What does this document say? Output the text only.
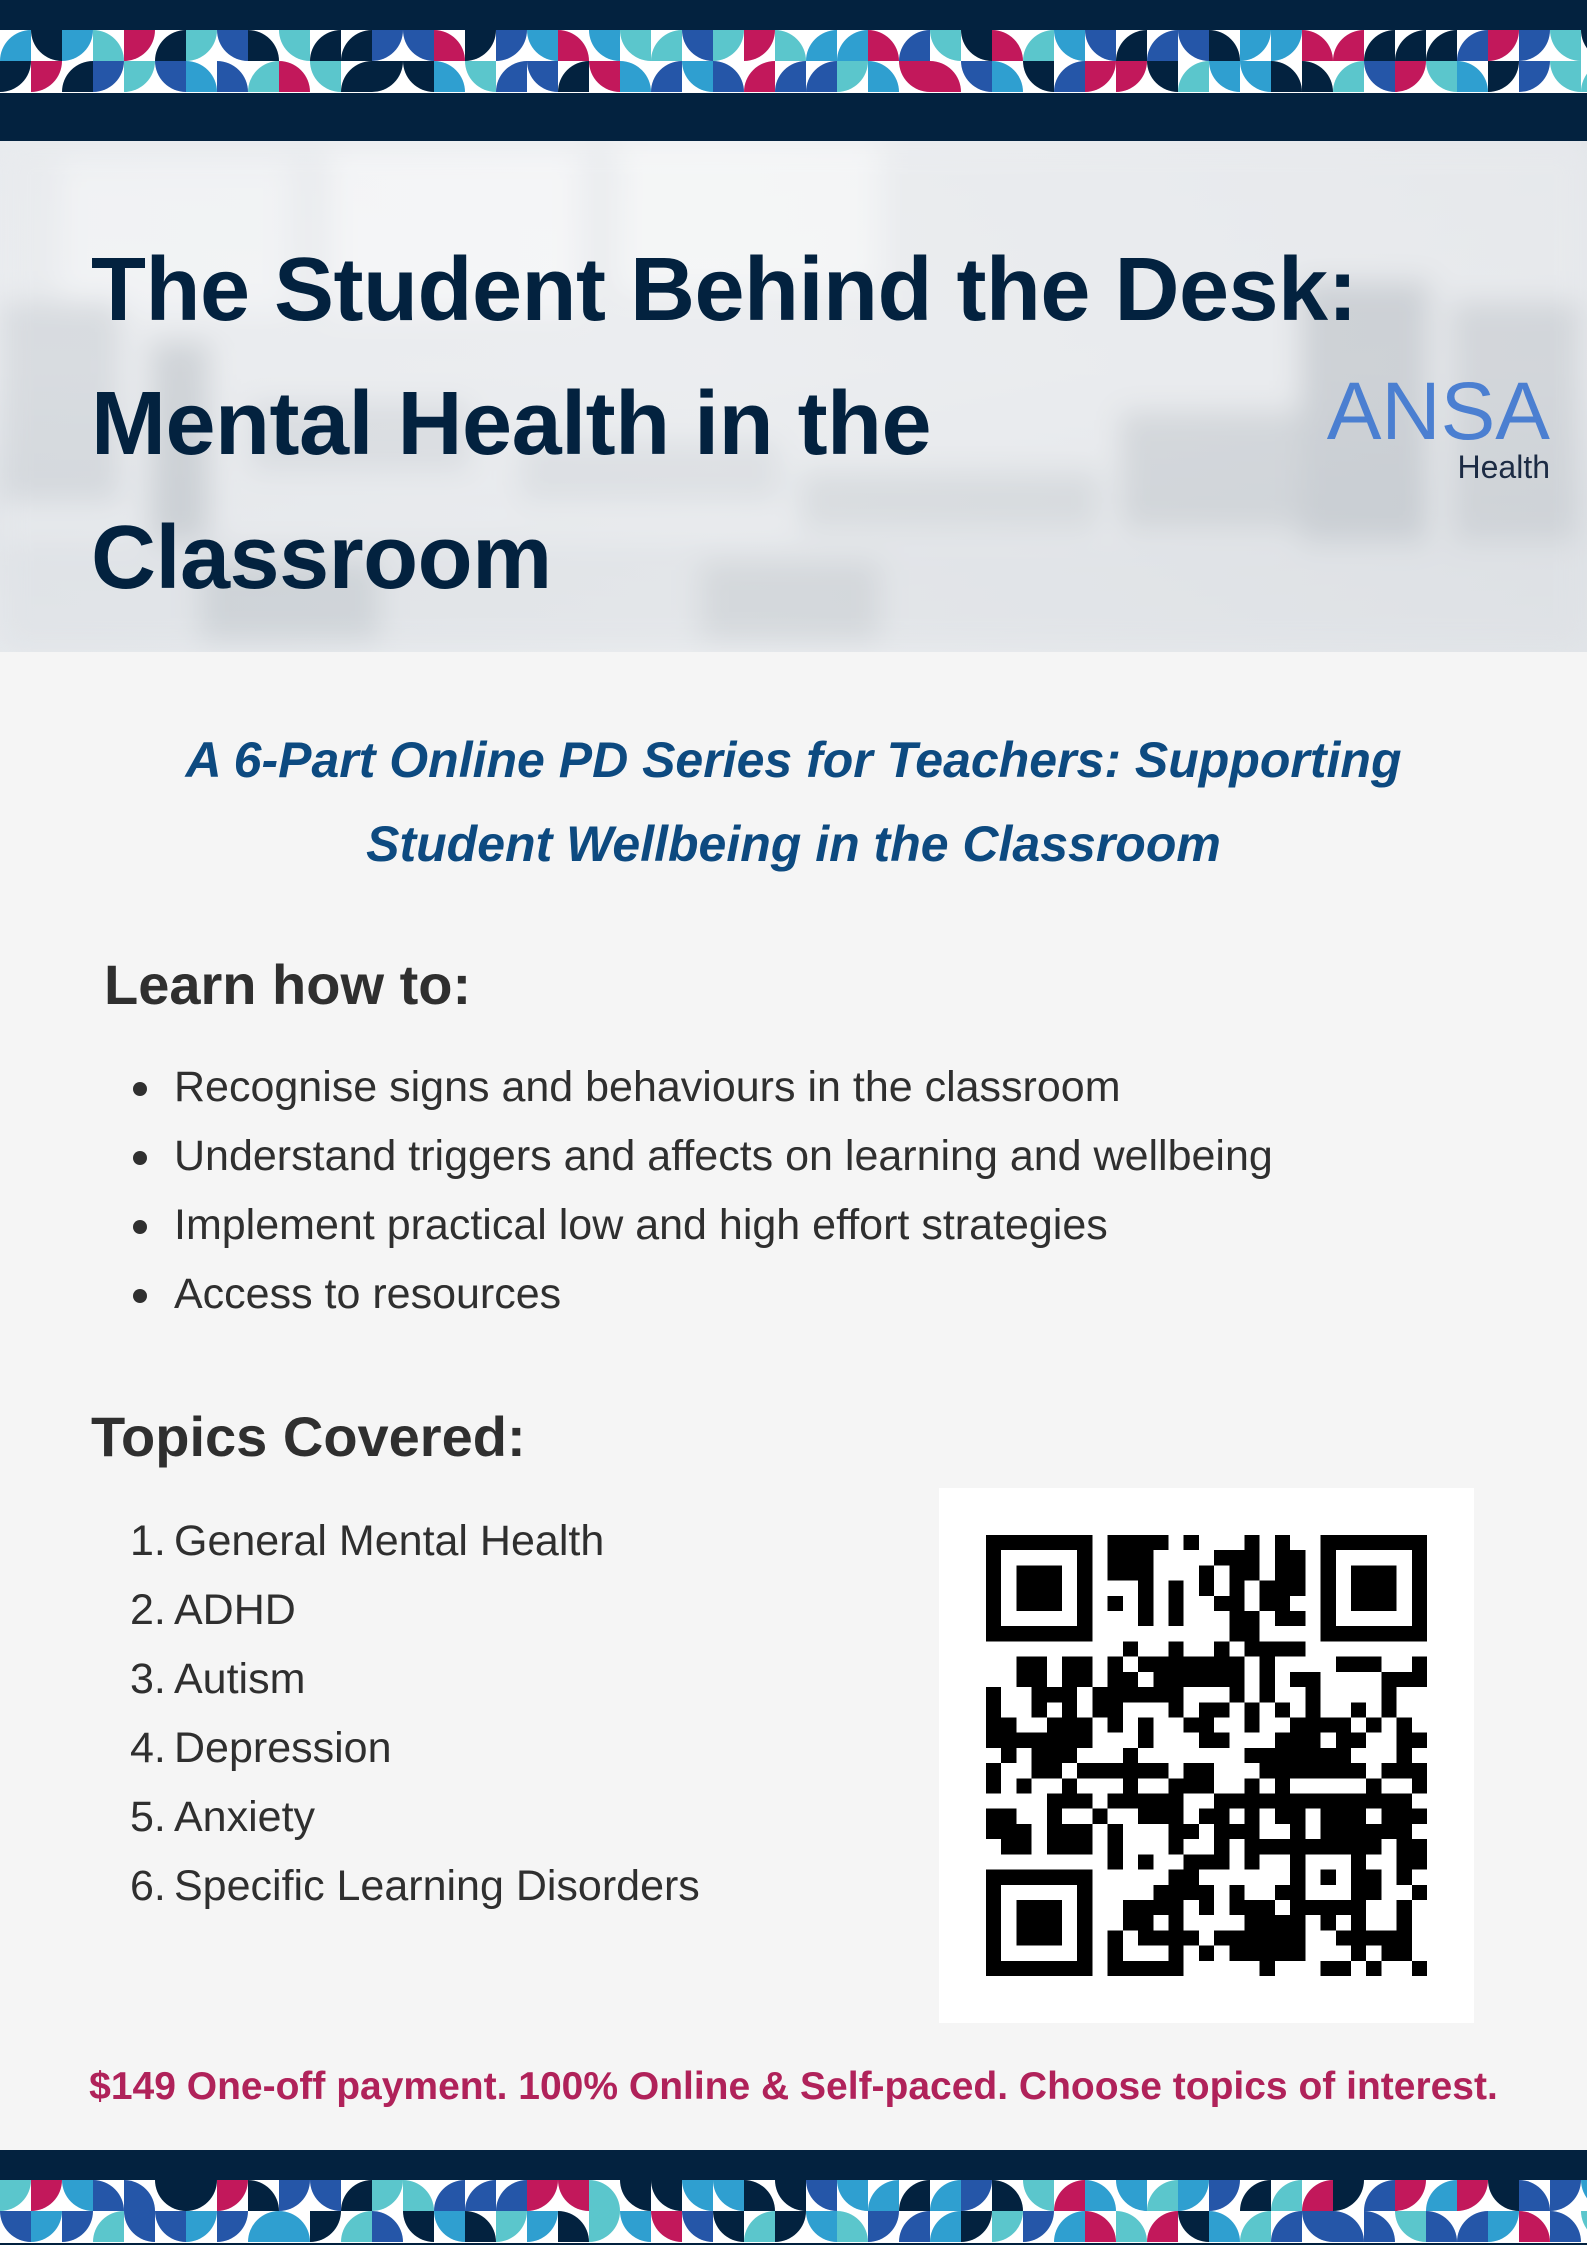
The Student Behind the Desk:
Mental Health in the
Classroom
ANSA
Health
A 6-Part Online PD Series for Teachers: Supporting
Student Wellbeing in the Classroom
Learn how to:
Recognise signs and behaviours in the classroom
Understand triggers and affects on learning and wellbeing
Implement practical low and high effort strategies
Access to resources
Topics Covered:
1. General Mental Health
2. ADHD
3. Autism
4. Depression
5. Anxiety
6. Specific Learning Disorders
$149 One-off payment. 100% Online & Self-paced. Choose topics of interest.
